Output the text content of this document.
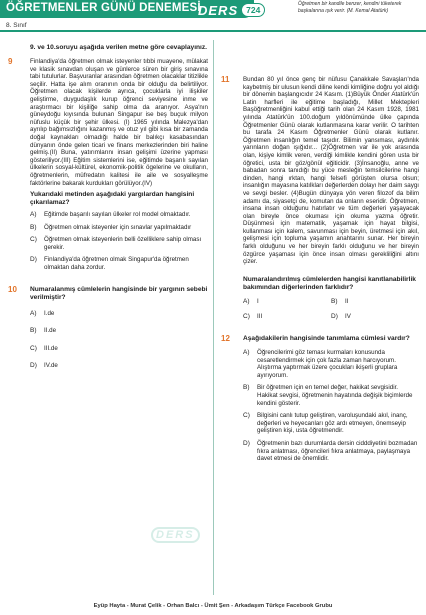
ÖĞRETMENLER GÜNÜ DENEMESİ
DERS 724
Öğretmen bir kandile benzer, kendini tüketerek başkalarına ışık verir. (M. Kemal Atatürk)
8. Sınıf
DERS
9. ve 10.soruyu aşağıda verilen metne göre cevaplayınız.
9	Finlandiya'da öğretmen olmak isteyenler tıbbi muayene, mülakat ve klasik sınavdan oluşan ve günlerce süren bir giriş sınavına tabi tutulurlar. Başvuranlar arasından öğretmen olacaklar titizlikle seçilir. Hatta işe alım oranının onda bir olduğu da belirtiliyor. Öğretmen olacak kişilerde ayrıca, çocuklarla iyi ilişkiler geliştirme, duygudaşlık kurup öğrenci seviyesine inme ve araştırmacı bir kişiliğe sahip olma da aranıyor. Asya'nın güneydoğu kıyısında bulunan Singapur ise beş buçuk milyon nüfuslu küçük bir şehir ülkesi. (I) 1965 yılında Malezya'dan ayrılıp bağımsızlığını kazanmış ve otuz yıl gibi kısa bir zamanda doğal kaynakları olmadığı halde bir balıkçı kasabasından dünyanın önde gelen ticari ve finans merkezlerinden biri haline gelmiş.(II) Buna, yatırımlarını insan gelişimi üzerine yapması gösteriliyor.(III) Eğitim sistemlerini ise, eğitimde başarılı sayılan ülkelerin sosyal-kültürel, ekonomik-politik ögelerine ve okulların, öğretmenlerin, müfredatın kalitesi ile aile ve sosyalleşme faktörlerine bakarak kurdukları görülüyor.(IV)
Yukarıdaki metinden aşağıdaki yargılardan hangisini çıkarılamaz?
A) Eğitimde başarılı sayılan ülkeler rol model olmaktadır.
B) Öğretmen olmak isteyenler için sınavlar yapılmaktadır
C) Öğretmen olmak isteyenlerin belli özelliklere sahip olması gerekir.
D) Finlandiya'da öğretmen olmak Singapur'da öğretmen olmaktan daha zordur.
10 Numaralanmış cümlelerin hangisinde bir yargının sebebi verilmiştir?
A) I.de
B) II.de
C) III.de
D) IV.de
11 Bundan 80 yıl önce genç bir nüfusu Çanakkale Savaşları'nda kaybetmiş bir ulusun kendi diline kendi kimliğine doğru yol aldığı bir dönemin başlangıcıdır 24 Kasım. (1)Büyük Önder Atatürk'ün Latin harfleri ile eğitime başladığı, Millet Mektepleri Başöğretmenliğini kabul ettiği tarih olan 24 Kasım 1928, 1981 yılında Atatürk'ün 100.doğum yıldönümünde ülke çapında Öğretmenler Günü olarak kutlanmasına karar verilir. O tarihten bu tarafa 24 Kasım Öğretmenler Günü olarak kutlanır. Öğretmen insanlığın temel taşıdır. Bilimin yansıması, aydınlık yarınların doğan ışığıdır... (2)Öğretmen var ile yok arasında olan, kişiye kimlik veren, verdiği kimlikle kendini gören usta bir öğretici, usta bir göz/gönül eğiticidir. (3)İnsanoğlu, anne ve babadan sonra tanıdığı bu yüce mesleğin temsilcilerine hangi dinden, hangi ırktan, hangi felsefi görüşten olursa olsun; insanlığın mayasına katılkları değerlerden dolayı her daim saygı ve sevgi besler. (4)Bugün dünyaya yön veren filozof da bilim adamı da, siyasetçi de, komutan da onların eseridir. Öğretmen, insana insan olduğunu hatırlatır ve tüm değerleri yaşayacak olan bireyle önce okuması için okuma yazma öğretir. Düşünmesi için matematik, yaşamak için hayat bilgisi, kullanması için kalem, savunması için beyin, üretmesi için akıl, gelişmesi için topluma yaşamın anahtarını sunar. Her bireyin farklı olduğunu ve her bireyin farklı olduğunu ve her bireyin özgürce yaşaması için önce insan olması gerekliliğini altını çizer.
Numaralandırılmış cümlelerden hangisi kanıtlanabilirlik bakımından diğerlerinden farklıdır?
A) I	B) II
C) III	D) IV
12 Aşağıdakilerin hangisinde tanımlama cümlesi vardır?
A) Öğrencilerimi göz teması kurmaları konusunda cesaretlendirmek için çok fazla zaman harcıyorum. Alıştırma yaptırmak üzere çocukları ikişerli gruplara ayırıyorum.
B) Bir öğretmen için en temel değer, hakikat sevgisidir. Hakikat sevgisi, öğretmenin hayatında değişik biçimlerde kendini gösterir.
C) Bilgisini canlı tutup geliştiren, varoluşundaki akıl, inanç, değerleri ve heyecanları göz ardı etmeyen, önemseyip geliştiren kişi, usta öğretmendir.
D) Öğretmenin bazı durumlarda dersin cidddiyetini bozmadan fıkra anlatması, öğrencileri fıkra anlatmaya, paylaşmaya davet etmesi de önemlidir.
Eyüp Hayta - Murat Çelik - Orhan Balcı - Ümit Şen - Arkadaşım Türkçe Facebook Grubu
